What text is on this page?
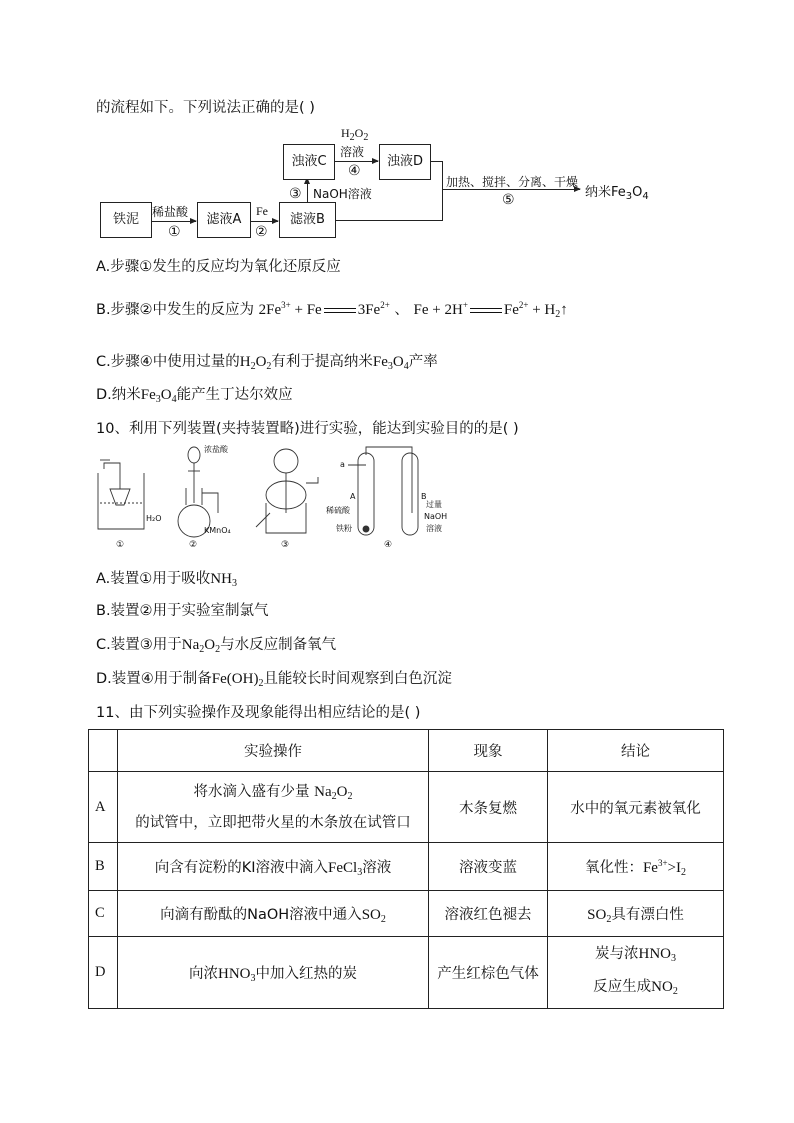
的流程如下。下列说法正确的是( )
铁泥	稀盐酸
①
滤液A
Fe
②
滤液B
③ NaOH溶液
浊液C
$H_2O_2$
溶液
④
浊液D
加热、搅拌、分离、干燥
⑤	纳米$Fe_3O_4$
A.步骤①发生的反应均为氧化还原反应
B.步骤②中发生的反应为 $2Fe^{3+} + Fe$ $3Fe^{2+}$ 、 Fe + 2H+ $Fe^{2+}$ + $H_2↑$
C.步骤④中使用过量的$H_2O_2$有利于提高纳米$Fe_3O_4$产率
D.纳米$Fe_3O_4$能产生丁达尔效应
10、利用下列装置(夹持装置略)进行实验，能达到实验目的的是( )
H₂O
①
浓盐酸
KMnO₄
②	③
a
A	B
稀硫酸
铁粉
过量
NaOH
溶液
④
A.装置①用于吸收$NH_3$
B.装置②用于实验室制氯气
C.装置③用于$Na_2O_2$与水反应制备氧气
D.装置④用于制备$Fe(OH)_2$且能较长时间观察到白色沉淀
11、由下列实验操作及现象能得出相应结论的是( )
	实验操作	现象	结论
A	将水滴入盛有少量 $Na_2O_2$
的试管中，立即把带火星的木条放在试管口	木条复燃	水中的氧元素被氧化
B	向含有淀粉的KI溶液中滴入FeCl$_3$溶液	溶液变蓝	氧化性：$Fe^{3+}>I_2$
C	向滴有酚酞的NaOH溶液中通入$SO_2$	溶液红色褪去	$SO_2$具有漂白性
D	向浓$HNO_3$中加入红热的炭	产生红棕色气体	炭与浓$HNO_3$
反应生成$NO_2$
